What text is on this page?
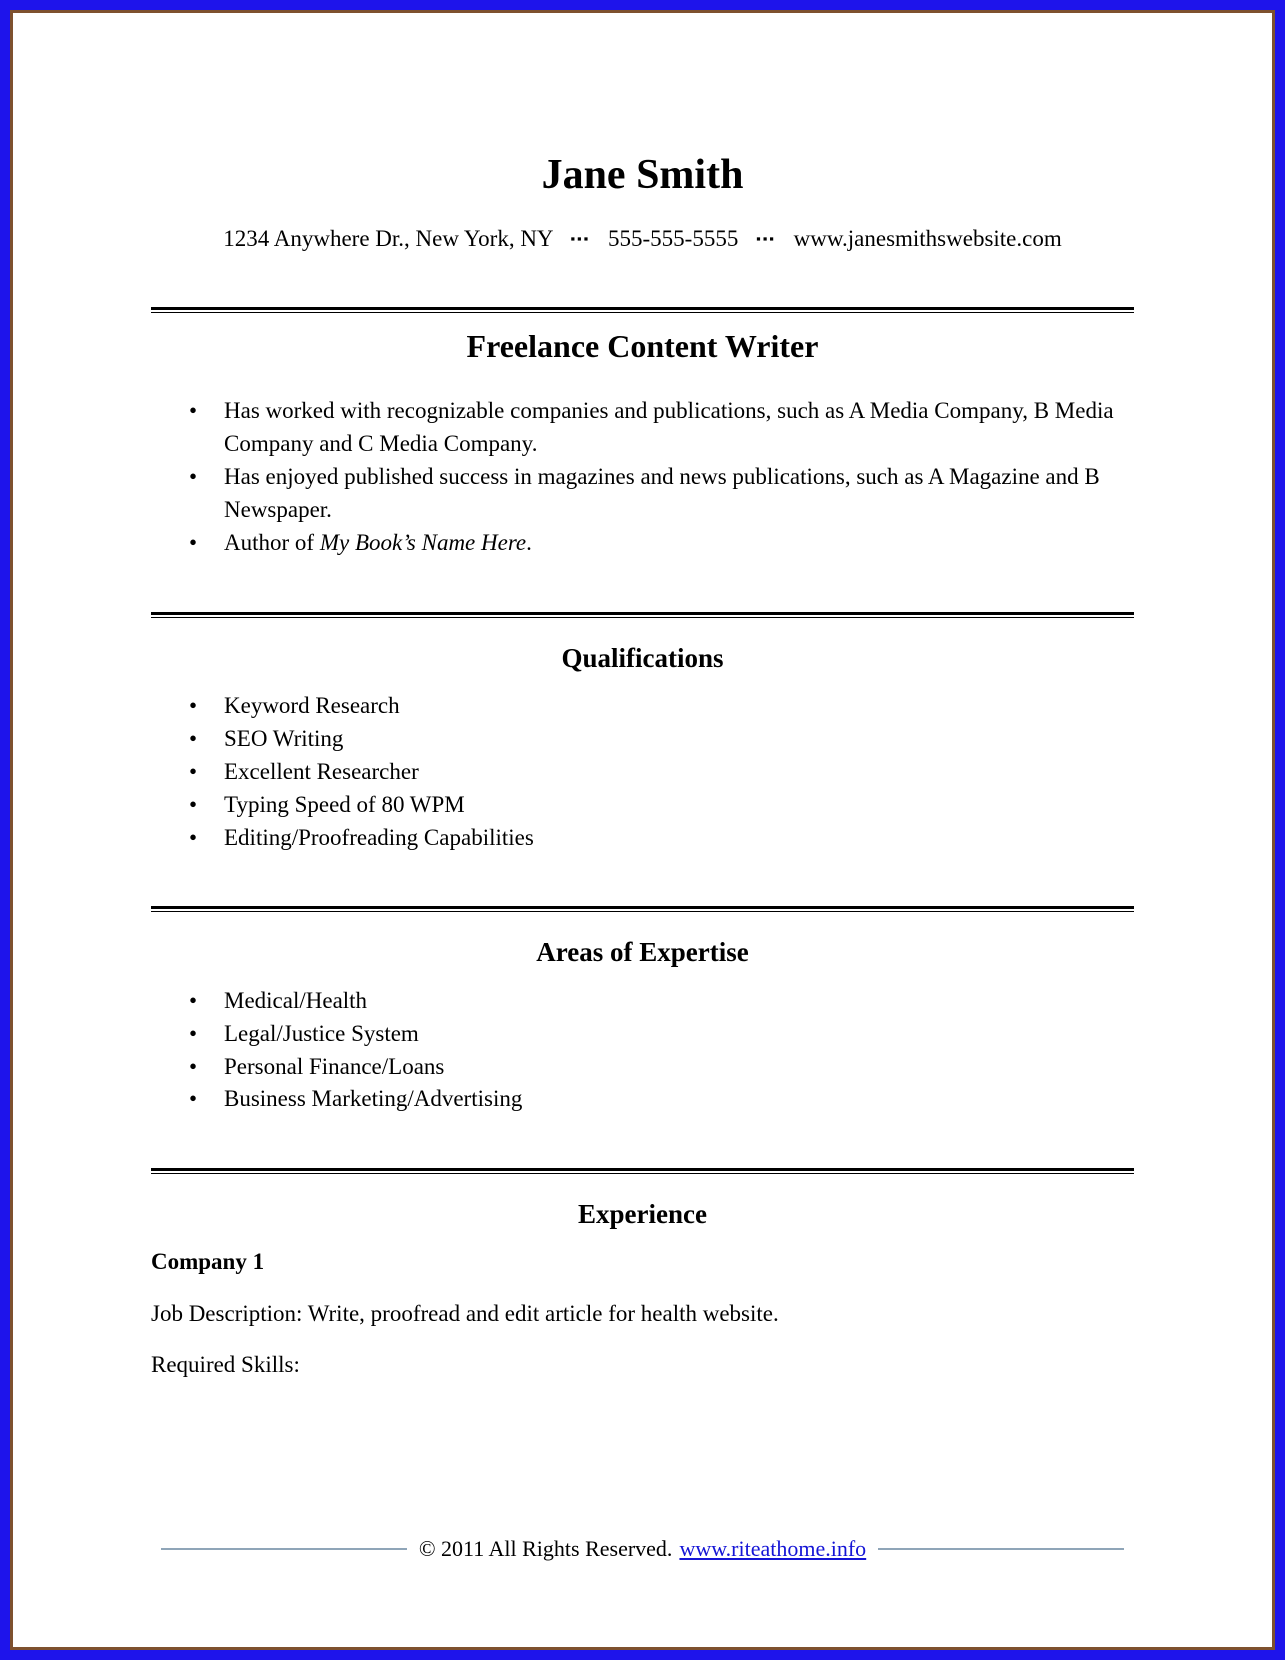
Jane Smith
1234 Anywhere Dr., New York, NY ▪▪▪ 555-555-5555 ▪▪▪ www.janesmithswebsite.com
Freelance Content Writer
•	Has worked with recognizable companies and publications, such as A Media Company, B Media Company and C Media Company.
•	Has enjoyed published success in magazines and news publications, such as A Magazine and B Newspaper.
•	Author of My Book’s Name Here.
Qualifications
•	Keyword Research
•	SEO Writing
•	Excellent Researcher
•	Typing Speed of 80 WPM
•	Editing/Proofreading Capabilities
Areas of Expertise
•	Medical/Health
•	Legal/Justice System
•	Personal Finance/Loans
•	Business Marketing/Advertising
Experience
Company 1
Job Description: Write, proofread and edit article for health website.
Required Skills:
© 2011 All Rights Reserved. www.riteathome.info
